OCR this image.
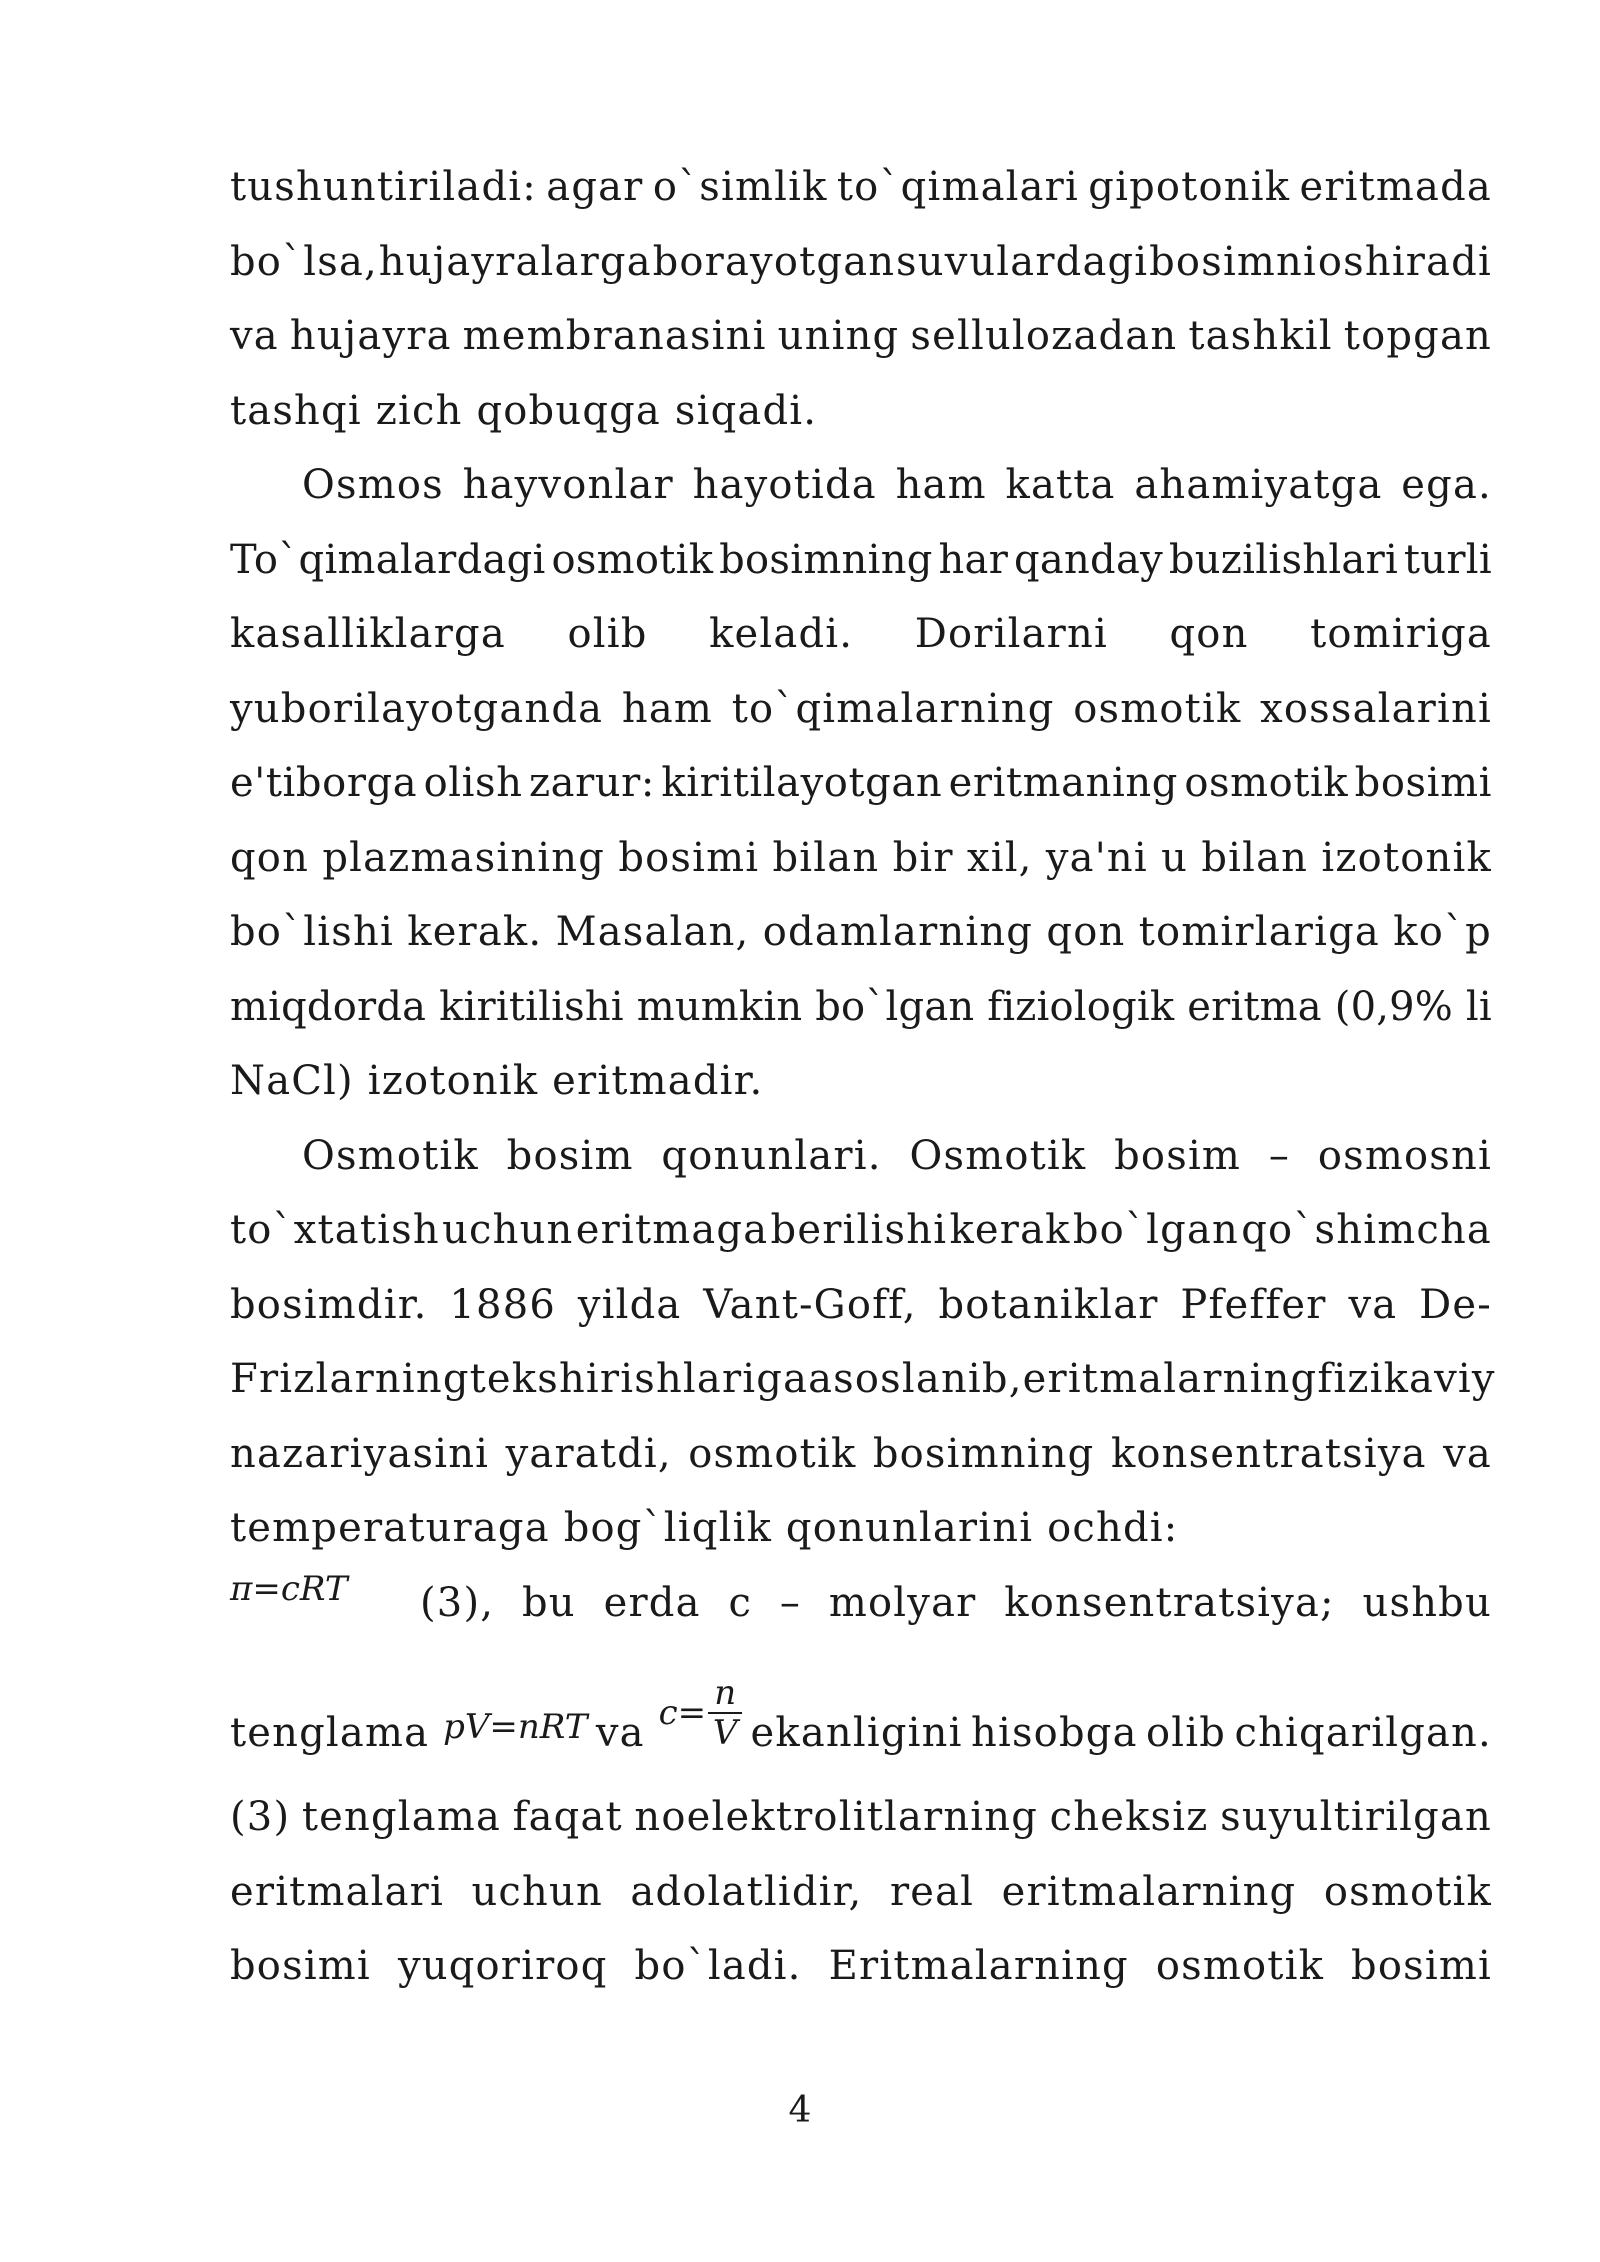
tushuntiriladi: agar o`simlik to`qimalari gipotonik eritmada
bo`lsa, hujayralarga borayotgan suv ulardagi bosimni oshiradi
va hujayra membranasini uning sellulozadan tashkil topgan
tashqi zich qobuqga siqadi.
Osmos hayvonlar hayotida ham katta ahamiyatga ega.
To`qimalardagi osmotik bosimning har qanday buzilishlari turli
kasalliklarga olib keladi. Dorilarni qon tomiriga
yuborilayotganda ham to`qimalarning osmotik xossalarini
e'tiborga olish zarur: kiritilayotgan eritmaning osmotik bosimi
qon plazmasining bosimi bilan bir xil, ya'ni u bilan izotonik
bo`lishi kerak. Masalan, odamlarning qon tomirlariga ko`p
miqdorda kiritilishi mumkin bo`lgan fiziologik eritma (0,9% li
NaCl) izotonik eritmadir.
Osmotik bosim qonunlari. Osmotik bosim – osmosni
to`xtatish uchun eritmaga berilishi kerak bo`lgan qo`shimcha
bosimdir. 1886 yilda Vant-Goff, botaniklar Pfeffer va De-
Frizlarning tekshirishlariga asoslanib, eritmalarning fizikaviy
nazariyasini yaratdi, osmotik bosimning konsentratsiya va
temperaturaga bog`liqlik qonunlarini ochdi:
π=cRT (3), bu erda c – molyar konsentratsiya; ushbu
tenglama $^{pV=nRT}$ va $c= \frac{n}{V}$ ekanligini hisobga olib chiqarilgan.
(3) tenglama faqat noelektrolitlarning cheksiz suyultirilgan
eritmalari uchun adolatlidir, real eritmalarning osmotik
bosimi yuqoriroq bo`ladi. Eritmalarning osmotik bosimi
4
